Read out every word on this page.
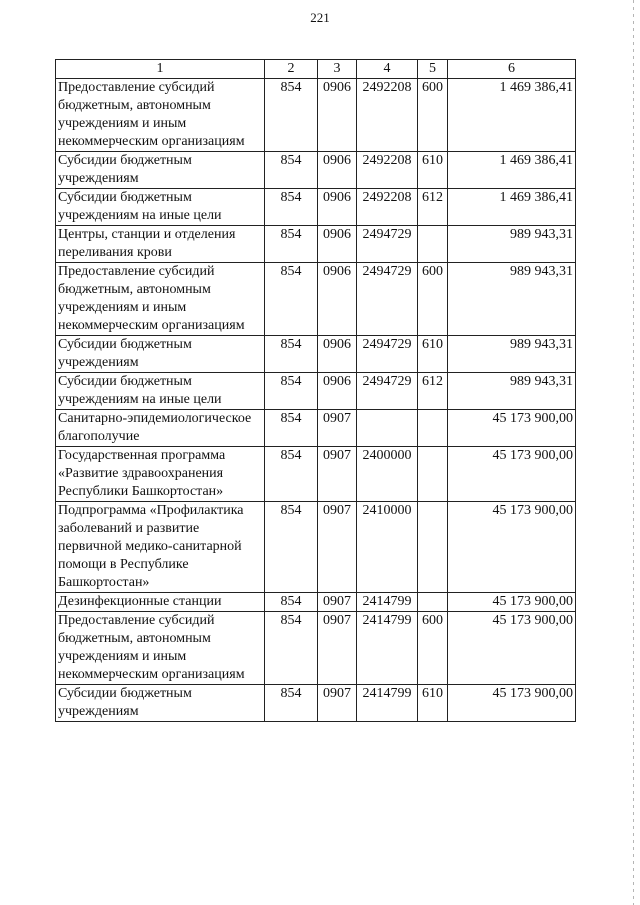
221
1	2	3	4	5	6
Предоставление субсидий бюджетным, автономным учреждениям и иным некоммерческим организациям	854	0906	2492208	600	1 469 386,41
Субсидии бюджетным учреждениям	854	0906	2492208	610	1 469 386,41
Субсидии бюджетным учреждениям на иные цели	854	0906	2492208	612	1 469 386,41
Центры, станции и отделения переливания крови	854	0906	2494729		989 943,31
Предоставление субсидий бюджетным, автономным учреждениям и иным некоммерческим организациям	854	0906	2494729	600	989 943,31
Субсидии бюджетным учреждениям	854	0906	2494729	610	989 943,31
Субсидии бюджетным учреждениям на иные цели	854	0906	2494729	612	989 943,31
Санитарно-эпидемиологическое благополучие	854	0907			45 173 900,00
Государственная программа «Развитие здравоохранения Республики Башкортостан»	854	0907	2400000		45 173 900,00
Подпрограмма «Профилактика заболеваний и развитие первичной медико-санитарной помощи в Республике Башкортостан»	854	0907	2410000		45 173 900,00
Дезинфекционные станции	854	0907	2414799		45 173 900,00
Предоставление субсидий бюджетным, автономным учреждениям и иным некоммерческим организациям	854	0907	2414799	600	45 173 900,00
Субсидии бюджетным учреждениям	854	0907	2414799	610	45 173 900,00
